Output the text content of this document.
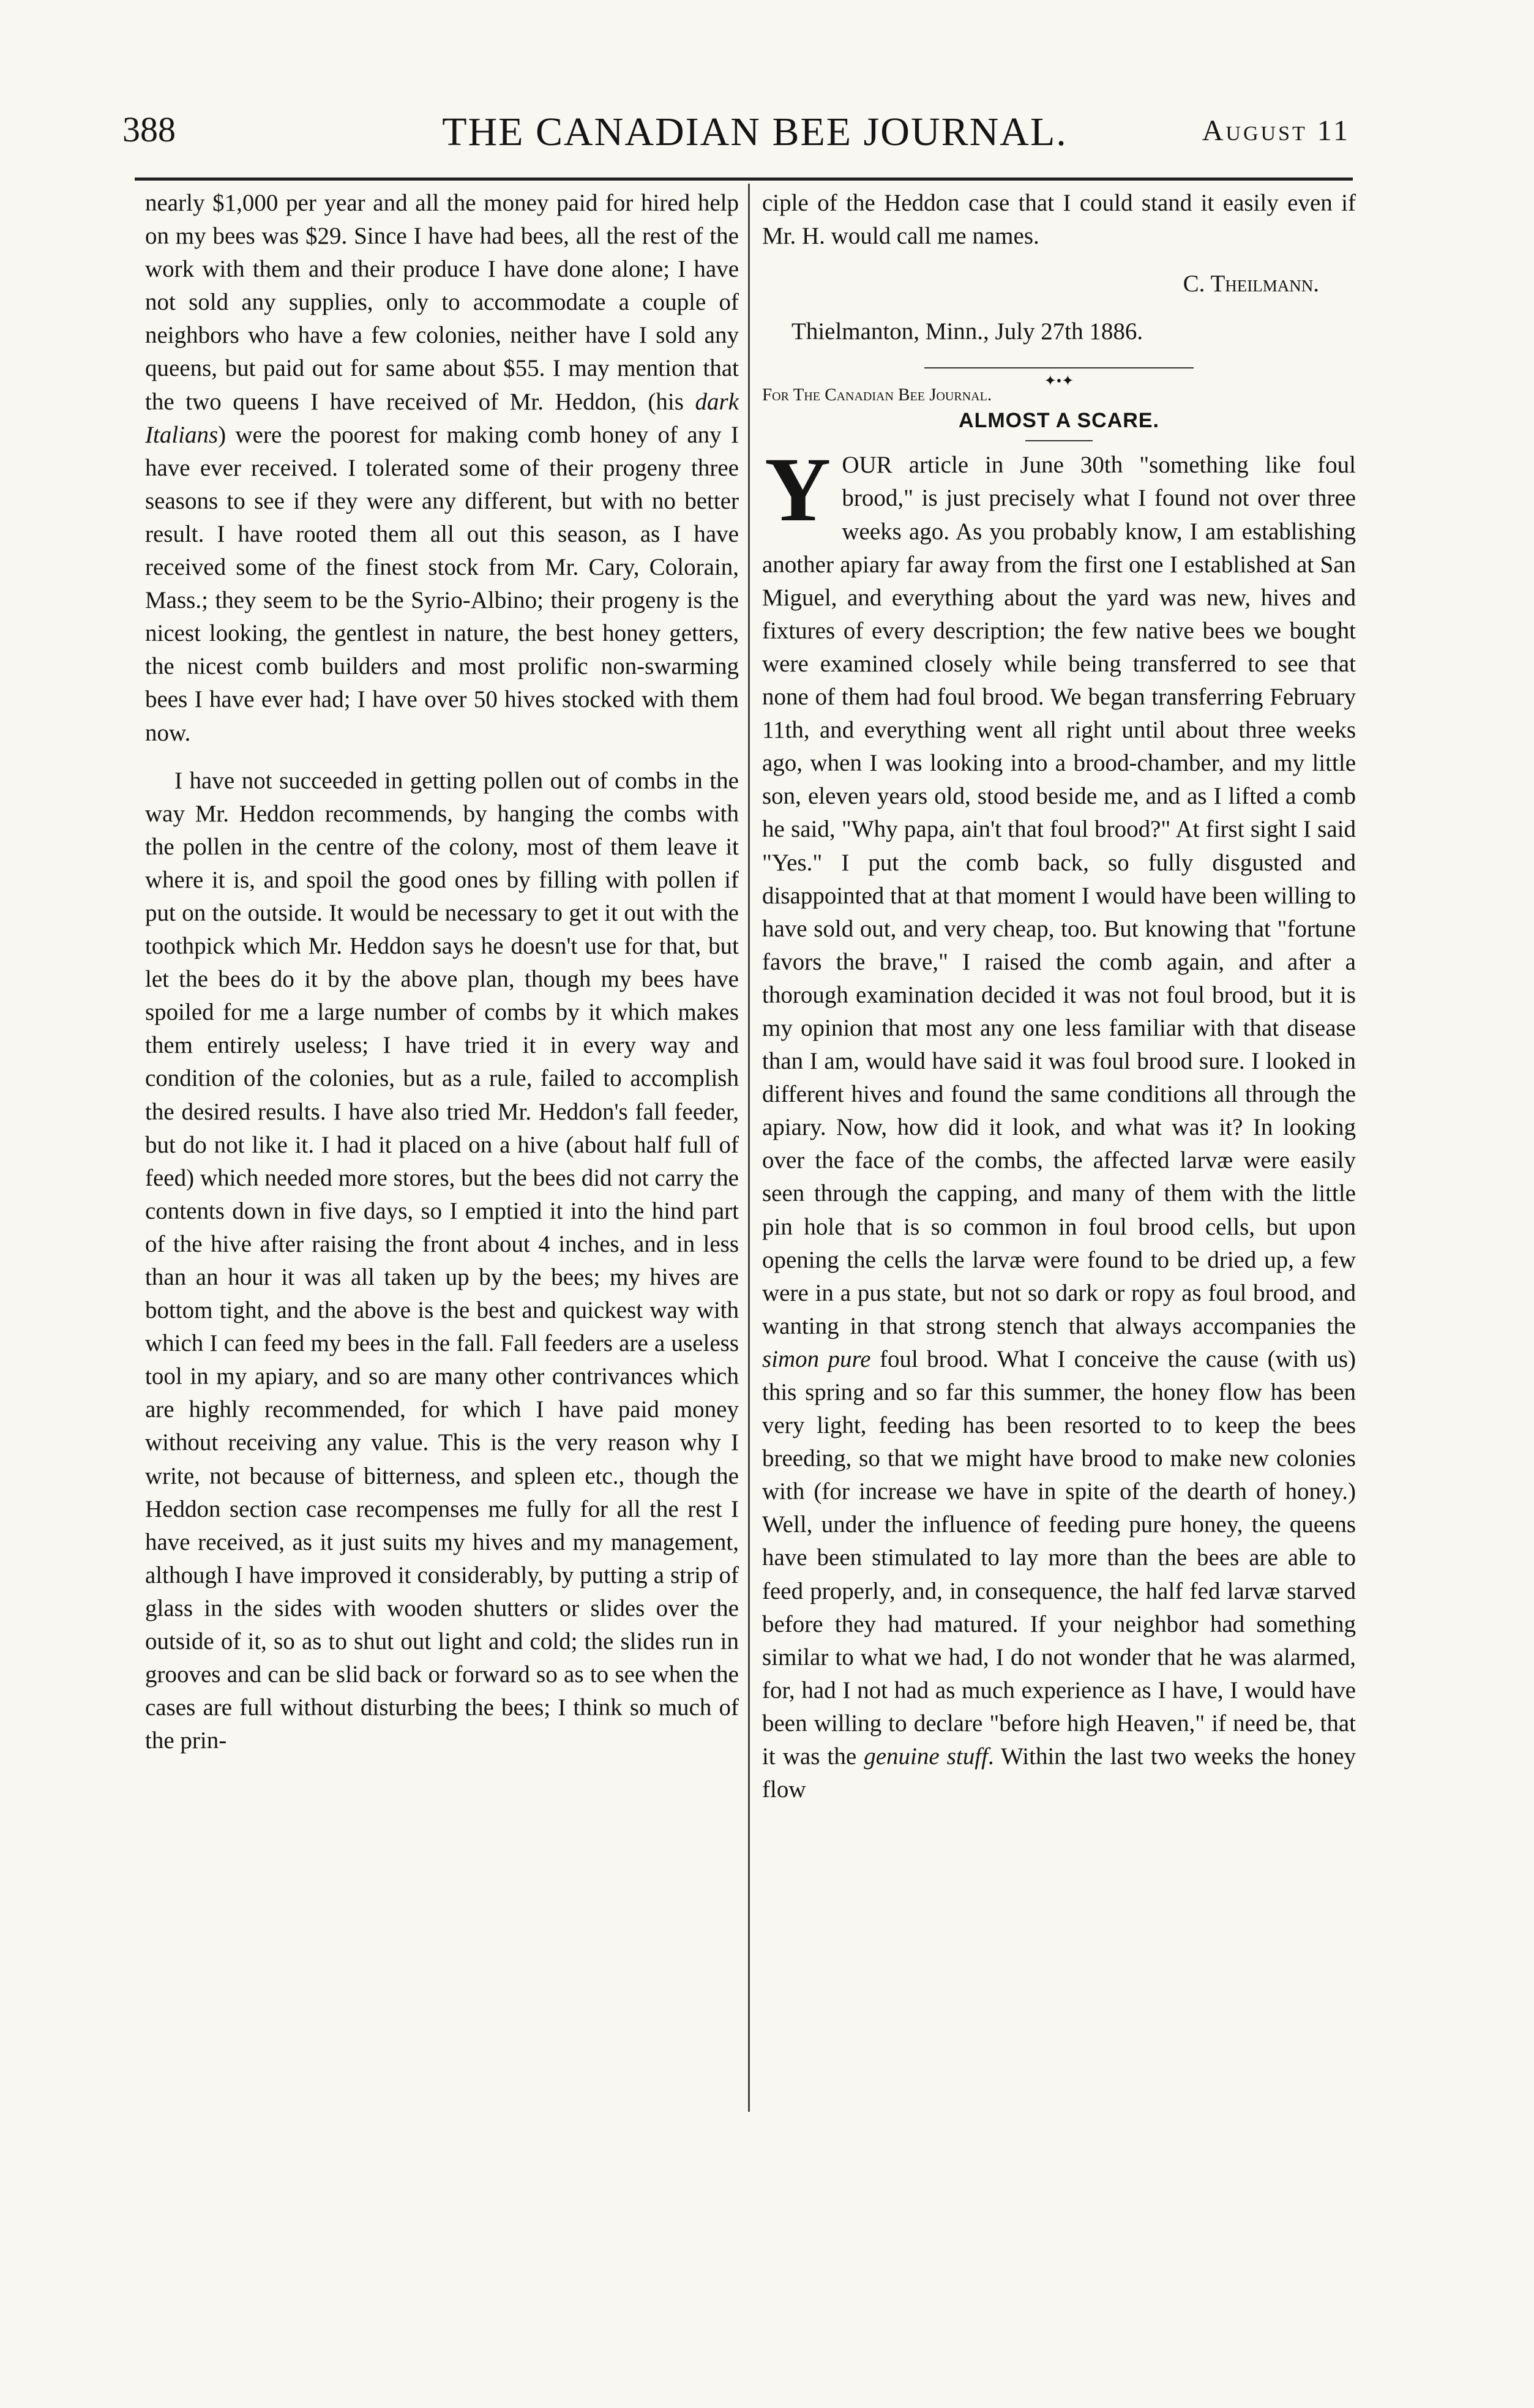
388	THE CANADIAN BEE JOURNAL.	August 11

nearly $1,000 per year and all the money paid for hired help on my bees was $29. Since I have had bees, all the rest of the work with them and their produce I have done alone; I have not sold any supplies, only to accommodate a couple of neighbors who have a few colonies, neither have I sold any queens, but paid out for same about $55. I may mention that the two queens I have received of Mr. Heddon, (his dark Italians) were the poorest for making comb honey of any I have ever received. I tolerated some of their progeny three seasons to see if they were any different, but with no better result. I have rooted them all out this season, as I have received some of the finest stock from Mr. Cary, Colorain, Mass.; they seem to be the Syrio-Albino; their progeny is the nicest looking, the gentlest in nature, the best honey getters, the nicest comb builders and most prolific non-swarming bees I have ever had; I have over 50 hives stocked with them now.

I have not succeeded in getting pollen out of combs in the way Mr. Heddon recommends, by hanging the combs with the pollen in the centre of the colony, most of them leave it where it is, and spoil the good ones by filling with pollen if put on the outside. It would be necessary to get it out with the toothpick which Mr. Heddon says he doesn't use for that, but let the bees do it by the above plan, though my bees have spoiled for me a large number of combs by it which makes them entirely useless; I have tried it in every way and condition of the colonies, but as a rule, failed to accomplish the desired results. I have also tried Mr. Heddon's fall feeder, but do not like it. I had it placed on a hive (about half full of feed) which needed more stores, but the bees did not carry the contents down in five days, so I emptied it into the hind part of the hive after raising the front about 4 inches, and in less than an hour it was all taken up by the bees; my hives are bottom tight, and the above is the best and quickest way with which I can feed my bees in the fall. Fall feeders are a useless tool in my apiary, and so are many other contrivances which are highly recommended, for which I have paid money without receiving any value. This is the very reason why I write, not because of bitterness, and spleen etc., though the Heddon section case recompenses me fully for all the rest I have received, as it just suits my hives and my management, although I have improved it considerably, by putting a strip of glass in the sides with wooden shutters or slides over the outside of it, so as to shut out light and cold; the slides run in grooves and can be slid back or forward so as to see when the cases are full without disturbing the bees; I think so much of the prin-

ciple of the Heddon case that I could stand it easily even if Mr. H. would call me names.

C. Theilmann.

Thielmanton, Minn., July 27th 1886.

✦•✦
For The Canadian Bee Journal.
ALMOST A SCARE.

YOUR article in June 30th "something like foul brood," is just precisely what I found not over three weeks ago. As you probably know, I am establishing another apiary far away from the first one I established at San Miguel, and everything about the yard was new, hives and fixtures of every description; the few native bees we bought were examined closely while being transferred to see that none of them had foul brood. We began transferring February 11th, and everything went all right until about three weeks ago, when I was looking into a brood-chamber, and my little son, eleven years old, stood beside me, and as I lifted a comb he said, "Why papa, ain't that foul brood?" At first sight I said "Yes." I put the comb back, so fully disgusted and disappointed that at that moment I would have been willing to have sold out, and very cheap, too. But knowing that "fortune favors the brave," I raised the comb again, and after a thorough examination decided it was not foul brood, but it is my opinion that most any one less familiar with that disease than I am, would have said it was foul brood sure. I looked in different hives and found the same conditions all through the apiary. Now, how did it look, and what was it? In looking over the face of the combs, the affected larvæ were easily seen through the capping, and many of them with the little pin hole that is so common in foul brood cells, but upon opening the cells the larvæ were found to be dried up, a few were in a pus state, but not so dark or ropy as foul brood, and wanting in that strong stench that always accompanies the simon pure foul brood. What I conceive the cause (with us) this spring and so far this summer, the honey flow has been very light, feeding has been resorted to to keep the bees breeding, so that we might have brood to make new colonies with (for increase we have in spite of the dearth of honey.) Well, under the influence of feeding pure honey, the queens have been stimulated to lay more than the bees are able to feed properly, and, in consequence, the half fed larvæ starved before they had matured. If your neighbor had something similar to what we had, I do not wonder that he was alarmed, for, had I not had as much experience as I have, I would have been willing to declare "before high Heaven," if need be, that it was the genuine stuff. Within the last two weeks the honey flow
